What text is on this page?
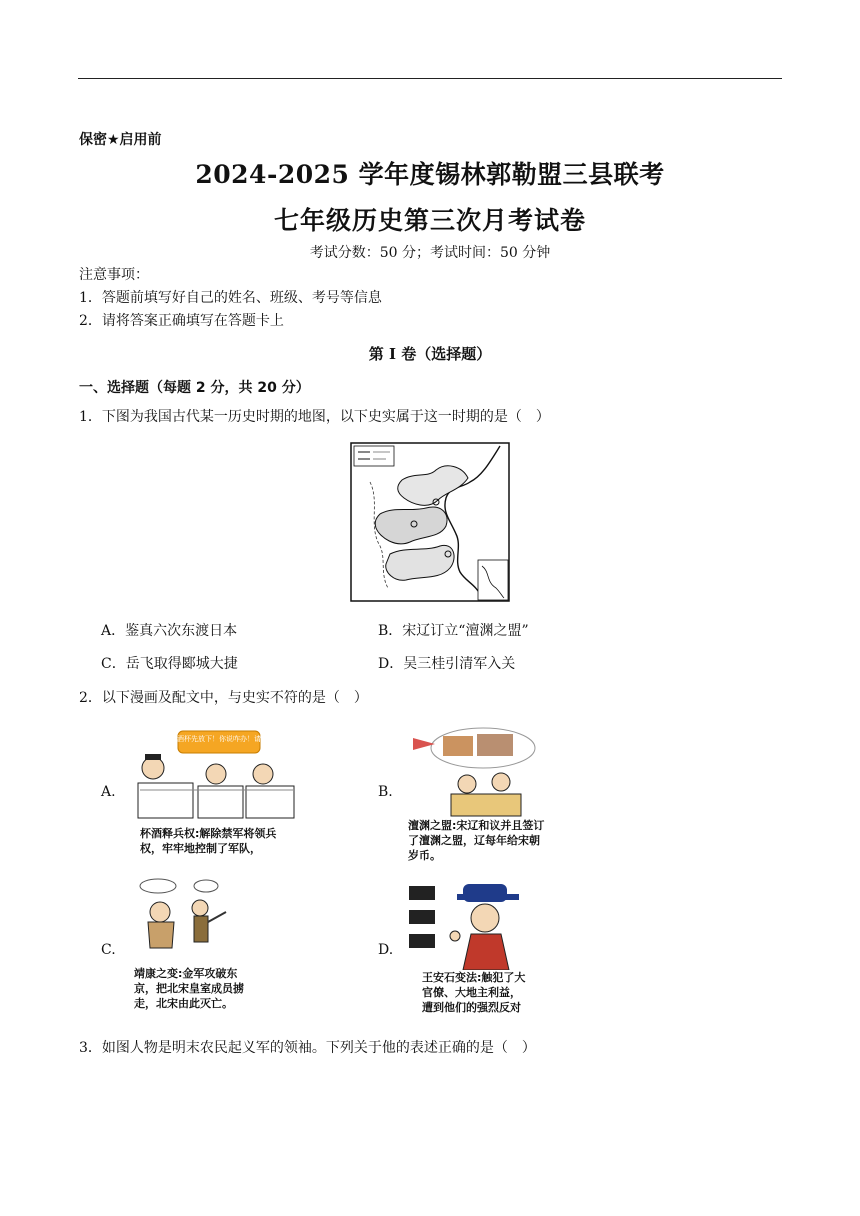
保密★启用前
2024-2025 学年度锡林郭勒盟三县联考
七年级历史第三次月考试卷
考试分数：50 分；考试时间：50 分钟
注意事项：
1．答题前填写好自己的姓名、班级、考号等信息
2．请将答案正确填写在答题卡上
第 I 卷（选择题）
一、选择题（每题 2 分，共 20 分）
1．下图为我国古代某一历史时期的地图，以下史实属于这一时期的是（　）
A．鉴真六次东渡日本	B．宋辽订立“澶渊之盟”
C．岳飞取得郾城大捷	D．吴三桂引清军入关
2．以下漫画及配文中，与史实不符的是（　）
A.
大哥！酒杯先放下！你说咋办！请示办！
杯酒释兵权:解除禁军将领兵权，牢牢地控制了军队，
B.
澶渊之盟:宋辽和议并且签订了澶渊之盟，辽每年给宋朝岁币。
C.
靖康之变:金军攻破东京，把北宋皇室成员掳走，北宋由此灭亡。
D.
王安石变法:触犯了大官僚、大地主利益，遭到他们的强烈反对
3．如图人物是明末农民起义军的领袖。下列关于他的表述正确的是（　）
